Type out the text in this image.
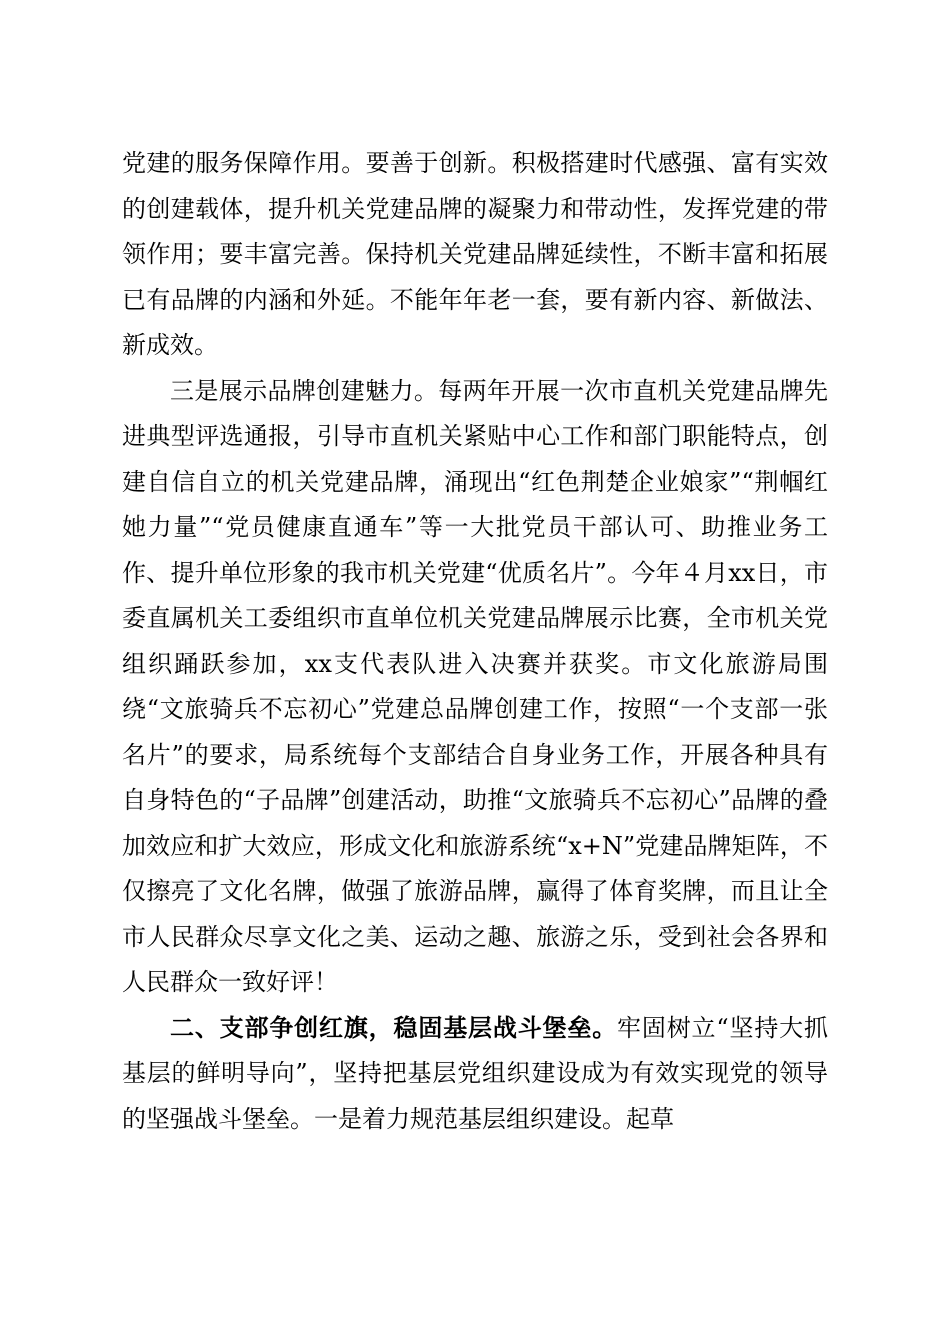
党建的服务保障作用。要善于创新。积极搭建时代感强、富有实效的创建载体，提升机关党建品牌的凝聚力和带动性，发挥党建的带领作用；要丰富完善。保持机关党建品牌延续性，不断丰富和拓展已有品牌的内涵和外延。不能年年老一套，要有新内容、新做法、新成效。

三是展示品牌创建魅力。每两年开展一次市直机关党建品牌先进典型评选通报，引导市直机关紧贴中心工作和部门职能特点，创建自信自立的机关党建品牌，涌现出“红色荆楚企业娘家”“荆帼红她力量”“党员健康直通车”等一大批党员干部认可、助推业务工作、提升单位形象的我市机关党建“优质名片”。今年４月xx日，市委直属机关工委组织市直单位机关党建品牌展示比赛，全市机关党组织踊跃参加，xx支代表队进入决赛并获奖。市文化旅游局围绕“文旅骑兵不忘初心”党建总品牌创建工作，按照“一个支部一张名片”的要求，局系统每个支部结合自身业务工作，开展各种具有自身特色的“子品牌”创建活动，助推“文旅骑兵不忘初心”品牌的叠加效应和扩大效应，形成文化和旅游系统“x+N”党建品牌矩阵，不仅擦亮了文化名牌，做强了旅游品牌，赢得了体育奖牌，而且让全市人民群众尽享文化之美、运动之趣、旅游之乐，受到社会各界和人民群众一致好评！

二、支部争创红旗，稳固基层战斗堡垒。牢固树立“坚持大抓基层的鲜明导向”，坚持把基层党组织建设成为有效实现党的领导的坚强战斗堡垒。一是着力规范基层组织建设。起草
